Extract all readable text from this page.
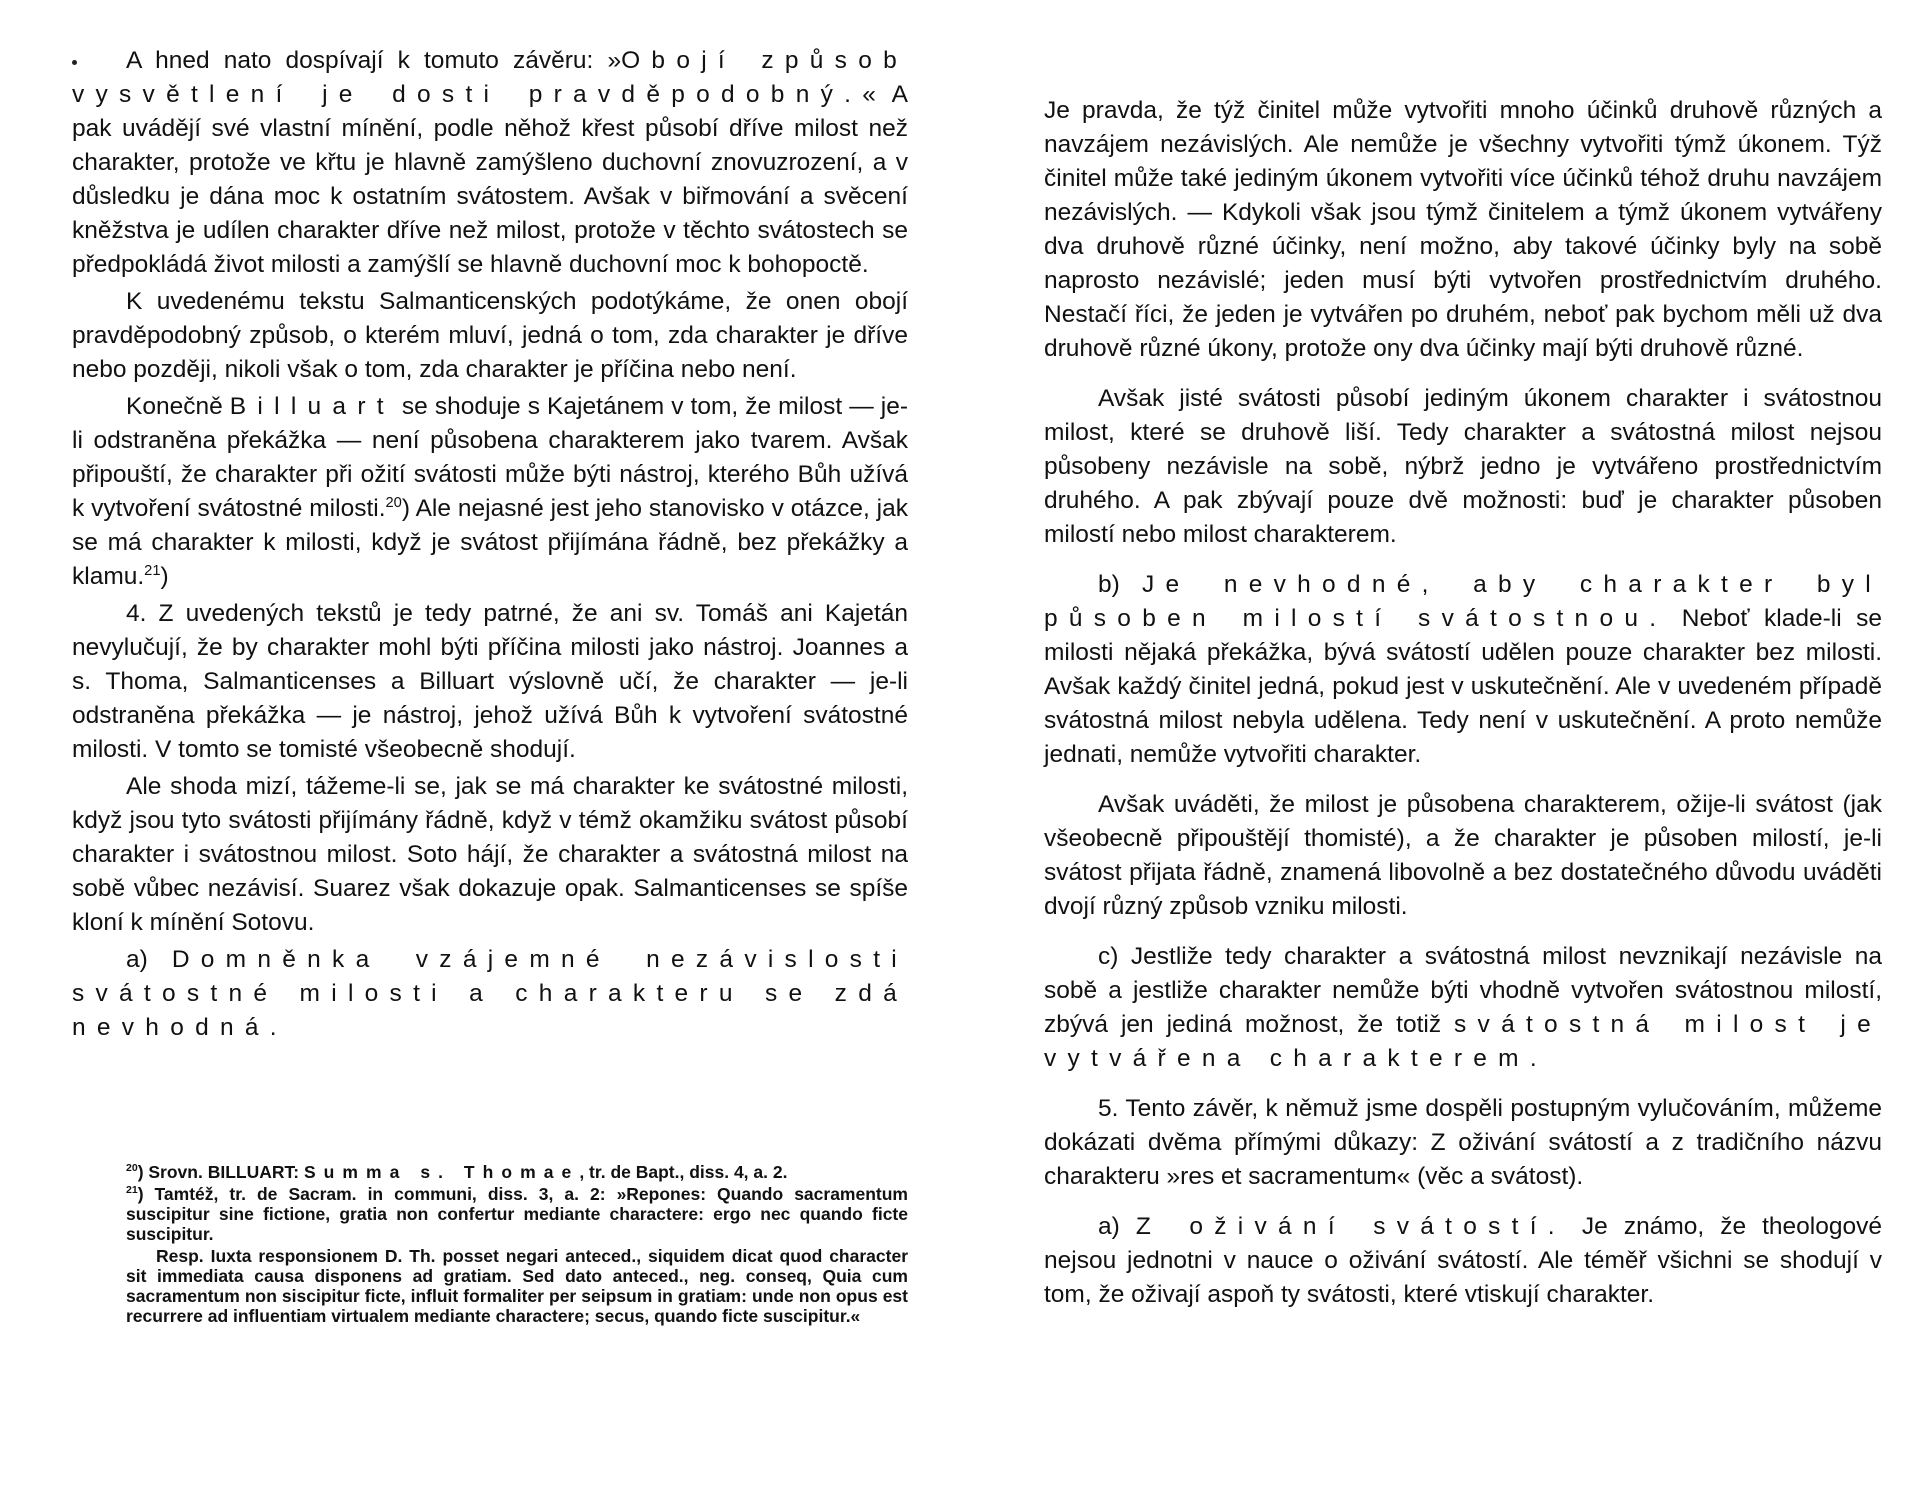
A hned nato dospívají k tomuto závěru: »Obojí způsob vysvětlení je dosti pravděpodobný.« A pak uvádějí své vlastní mínění, podle něhož křest působí dříve milost než charakter, protože ve křtu je hlavně zamýšleno duchovní znovuzrození, a v důsledku je dána moc k ostatním svátostem. Avšak v biřmování a svěcení kněžstva je udílen charakter dříve než milost, protože v těchto svátostech se předpokládá život milosti a zamýšlí se hlavně duchovní moc k bohopoctě.

K uvedenému tekstu Salmanticenských podotýkáme, že onen obojí pravděpodobný způsob, o kterém mluví, jedná o tom, zda charakter je dříve nebo později, nikoli však o tom, zda charakter je příčina nebo není.

Konečně Billuart se shoduje s Kajetánem v tom, že milost — je-li odstraněna překážka — není působena charakterem jako tvarem. Avšak připouští, že charakter při ožití svátosti může býti nástroj, kterého Bůh užívá k vytvoření svátostné milosti.$^{20}$) Ale nejasné jest jeho stanovisko v otázce, jak se má charakter k milosti, když je svátost přijímána řádně, bez překážky a klamu.$^{21}$)

4. Z uvedených tekstů je tedy patrné, že ani sv. Tomáš ani Kajetán nevylučují, že by charakter mohl býti příčina milosti jako nástroj. Joannes a s. Thoma, Salmanticenses a Billuart výslovně učí, že charakter — je-li odstraněna překážka — je nástroj, jehož užívá Bůh k vytvoření svátostné milosti. V tomto se tomisté všeobecně shodují.

Ale shoda mizí, tážeme-li se, jak se má charakter ke svátostné milosti, když jsou tyto svátosti přijímány řádně, když v témž okamžiku svátost působí charakter i svátostnou milost. Soto hájí, že charakter a svátostná milost na sobě vůbec nezávisí. Suarez však dokazuje opak. Salmanticenses se spíše kloní k mínění Sotovu.

a) Domněnka vzájemné nezávislosti svátostné milosti a charakteru se zdá nevhodná.

$^{20}$) Srovn. BILLUART: Summa s. Thomae, tr. de Bapt., diss. 4, a. 2.

$^{21}$) Tamtéž, tr. de Sacram. in communi, diss. 3, a. 2: »Repones: Quando sacramentum suscipitur sine fictione, gratia non confertur mediante charactere: ergo nec quando ficte suscipitur.

Resp. Iuxta responsionem D. Th. posset negari anteced., siquidem dicat quod character sit immediata causa disponens ad gratiam. Sed dato anteced., neg. conseq, Quia cum sacramentum non siscipitur ficte, influit formaliter per seipsum in gratiam: unde non opus est recurrere ad influentiam virtualem mediante charactere; secus, quando ficte suscipitur.«

Je pravda, že týž činitel může vytvořiti mnoho účinků druhově různých a navzájem nezávislých. Ale nemůže je všechny vytvořiti týmž úkonem. Týž činitel může také jediným úkonem vytvořiti více účinků téhož druhu navzájem nezávislých. — Kdykoli však jsou týmž činitelem a týmž úkonem vytvářeny dva druhově různé účinky, není možno, aby takové účinky byly na sobě naprosto nezávislé; jeden musí býti vytvořen prostřednictvím druhého. Nestačí říci, že jeden je vytvářen po druhém, neboť pak bychom měli už dva druhově různé úkony, protože ony dva účinky mají býti druhově různé.

Avšak jisté svátosti působí jediným úkonem charakter i svátostnou milost, které se druhově liší. Tedy charakter a svátostná milost nejsou působeny nezávisle na sobě, nýbrž jedno je vytvářeno prostřednictvím druhého. A pak zbývají pouze dvě možnosti: buď je charakter působen milostí nebo milost charakterem.

b) Je nevhodné, aby charakter byl působen milostí svátostnou. Neboť klade-li se milosti nějaká překážka, bývá svátostí udělen pouze charakter bez milosti. Avšak každý činitel jedná, pokud jest v uskutečnění. Ale v uvedeném případě svátostná milost nebyla udělena. Tedy není v uskutečnění. A proto nemůže jednati, nemůže vytvořiti charakter.

Avšak uváděti, že milost je působena charakterem, ožije-li svátost (jak všeobecně připouštějí thomisté), a že charakter je působen milostí, je-li svátost přijata řádně, znamená libovolně a bez dostatečného důvodu uváděti dvojí různý způsob vzniku milosti.

c) Jestliže tedy charakter a svátostná milost nevznikají nezávisle na sobě a jestliže charakter nemůže býti vhodně vytvořen svátostnou milostí, zbývá jen jediná možnost, že totiž svátostná milost je vytvářena charakterem.

5. Tento závěr, k němuž jsme dospěli postupným vylučováním, můžeme dokázati dvěma přímými důkazy: Z oživání svátostí a z tradičního názvu charakteru »res et sacramentum« (věc a svátost).

a) Z oživání svátostí. Je známo, že theologové nejsou jednotni v nauce o oživání svátostí. Ale téměř všichni se shodují v tom, že oživají aspoň ty svátosti, které vtiskují charakter.
